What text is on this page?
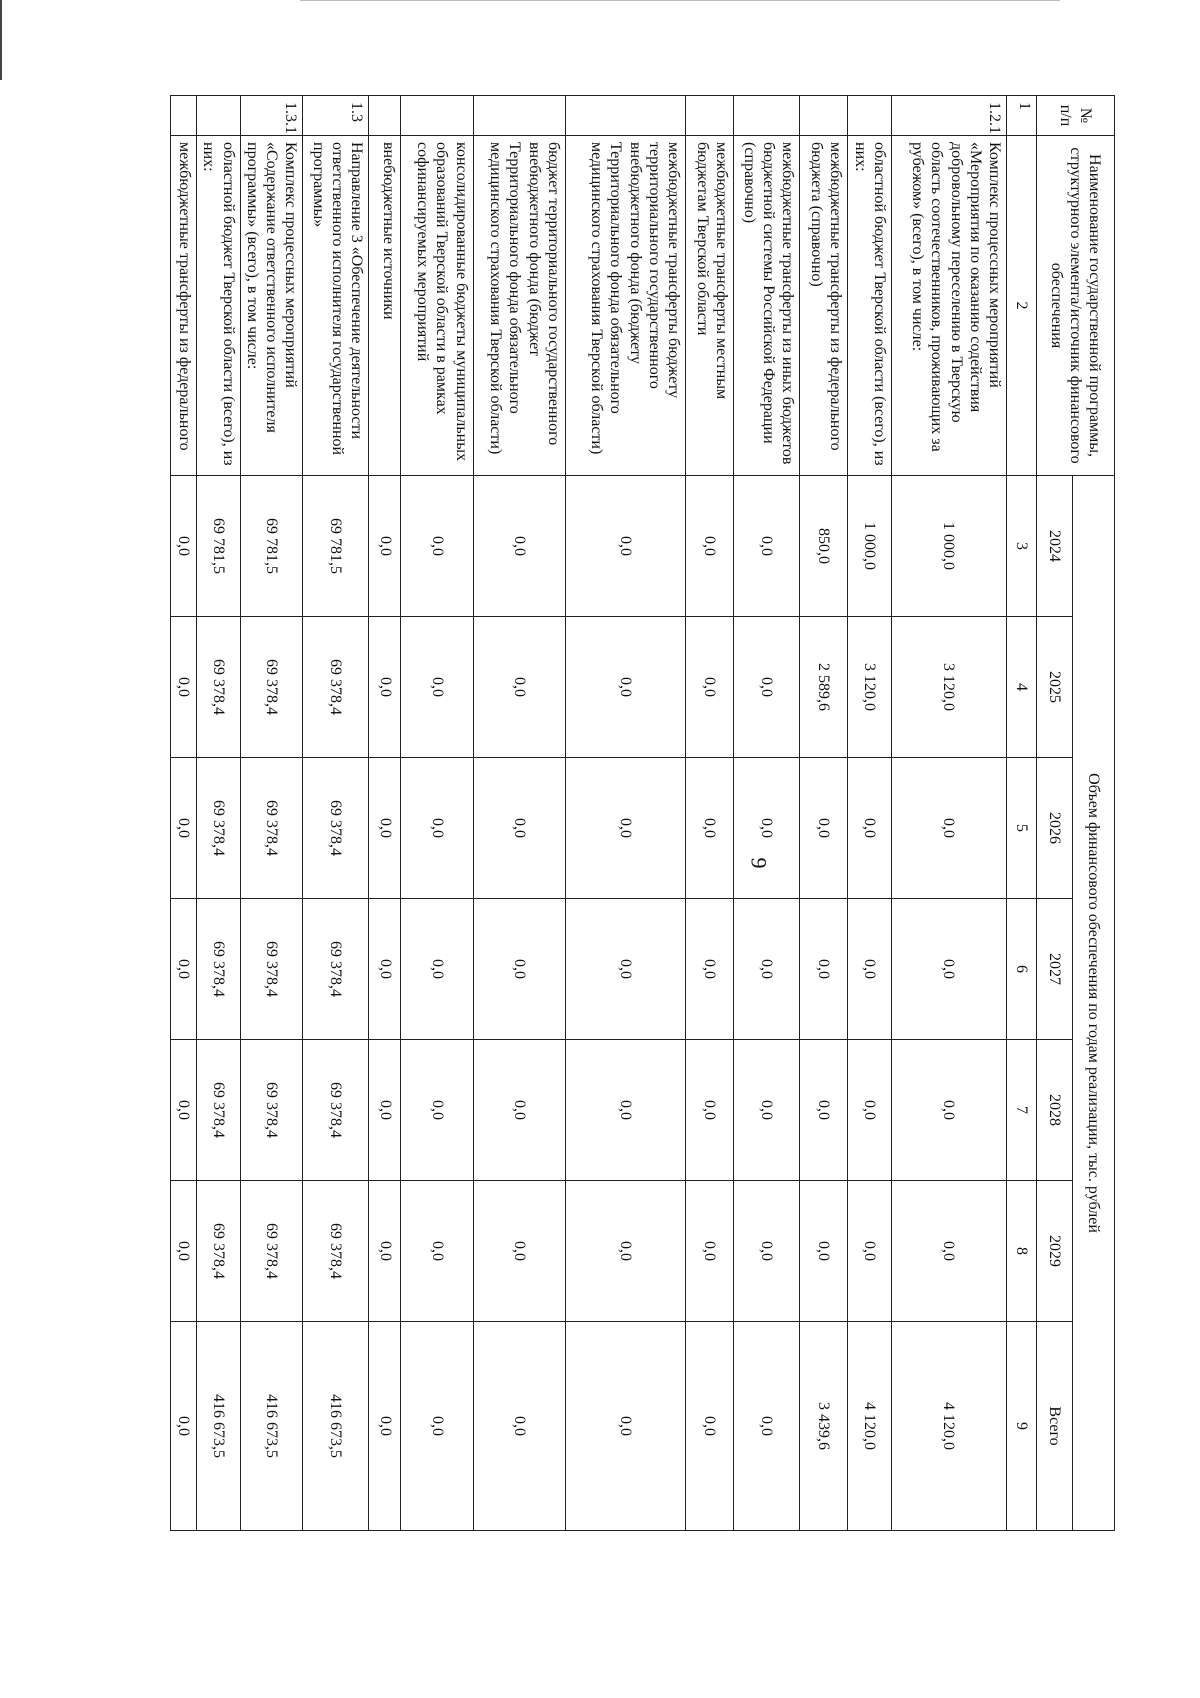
9
№ п/п	Наименование государственной программы, структурного элемента/источник финансового обеспечения	Объем финансового обеспечения по годам реализации, тыс. рублей						
		2024	2025	2026	2027	2028	2029	Всего
1	2	3	4	5	6	7	8	9
1.2.1	Комплекс процессных мероприятий «Мероприятия по оказанию содействия добровольному переселению в Тверскую область соотечественников, проживающих за рубежом» (всего), в том числе:	1 000,0	3 120,0	0,0	0,0	0,0	0,0	4 120,0
	областной бюджет Тверской области (всего), из них:	1 000,0	3 120,0	0,0	0,0	0,0	0,0	4 120,0
	межбюджетные трансферты из федерального бюджета (справочно)	850,0	2 589,6	0,0	0,0	0,0	0,0	3 439,6
	межбюджетные трансферты из иных бюджетов бюджетной системы Российской Федерации (справочно)	0,0	0,0	0,0	0,0	0,0	0,0	0,0
	межбюджетные трансферты местным бюджетам Тверской области	0,0	0,0	0,0	0,0	0,0	0,0	0,0
	межбюджетные трансферты бюджету территориального государственного внебюджетного фонда (бюджету Территориального фонда обязательного медицинского страхования Тверской области)	0,0	0,0	0,0	0,0	0,0	0,0	0,0
	бюджет территориального государственного внебюджетного фонда (бюджет Территориального фонда обязательного медицинского страхования Тверской области)	0,0	0,0	0,0	0,0	0,0	0,0	0,0
	консолидированные бюджеты муниципальных образований Тверской области в рамках софинансируемых мероприятий	0,0	0,0	0,0	0,0	0,0	0,0	0,0
	внебюджетные источники	0,0	0,0	0,0	0,0	0,0	0,0	0,0
1.3	Направление 3 «Обеспечение деятельности ответственного исполнителя государственной программы»	69 781,5	69 378,4	69 378,4	69 378,4	69 378,4	69 378,4	416 673,5
1.3.1	Комплекс процессных мероприятий «Содержание ответственного исполнителя программы» (всего), в том числе:	69 781,5	69 378,4	69 378,4	69 378,4	69 378,4	69 378,4	416 673,5
	областной бюджет Тверской области (всего), из них:	69 781,5	69 378,4	69 378,4	69 378,4	69 378,4	69 378,4	416 673,5
	межбюджетные трансферты из федерального	0,0	0,0	0,0	0,0	0,0	0,0	0,0
